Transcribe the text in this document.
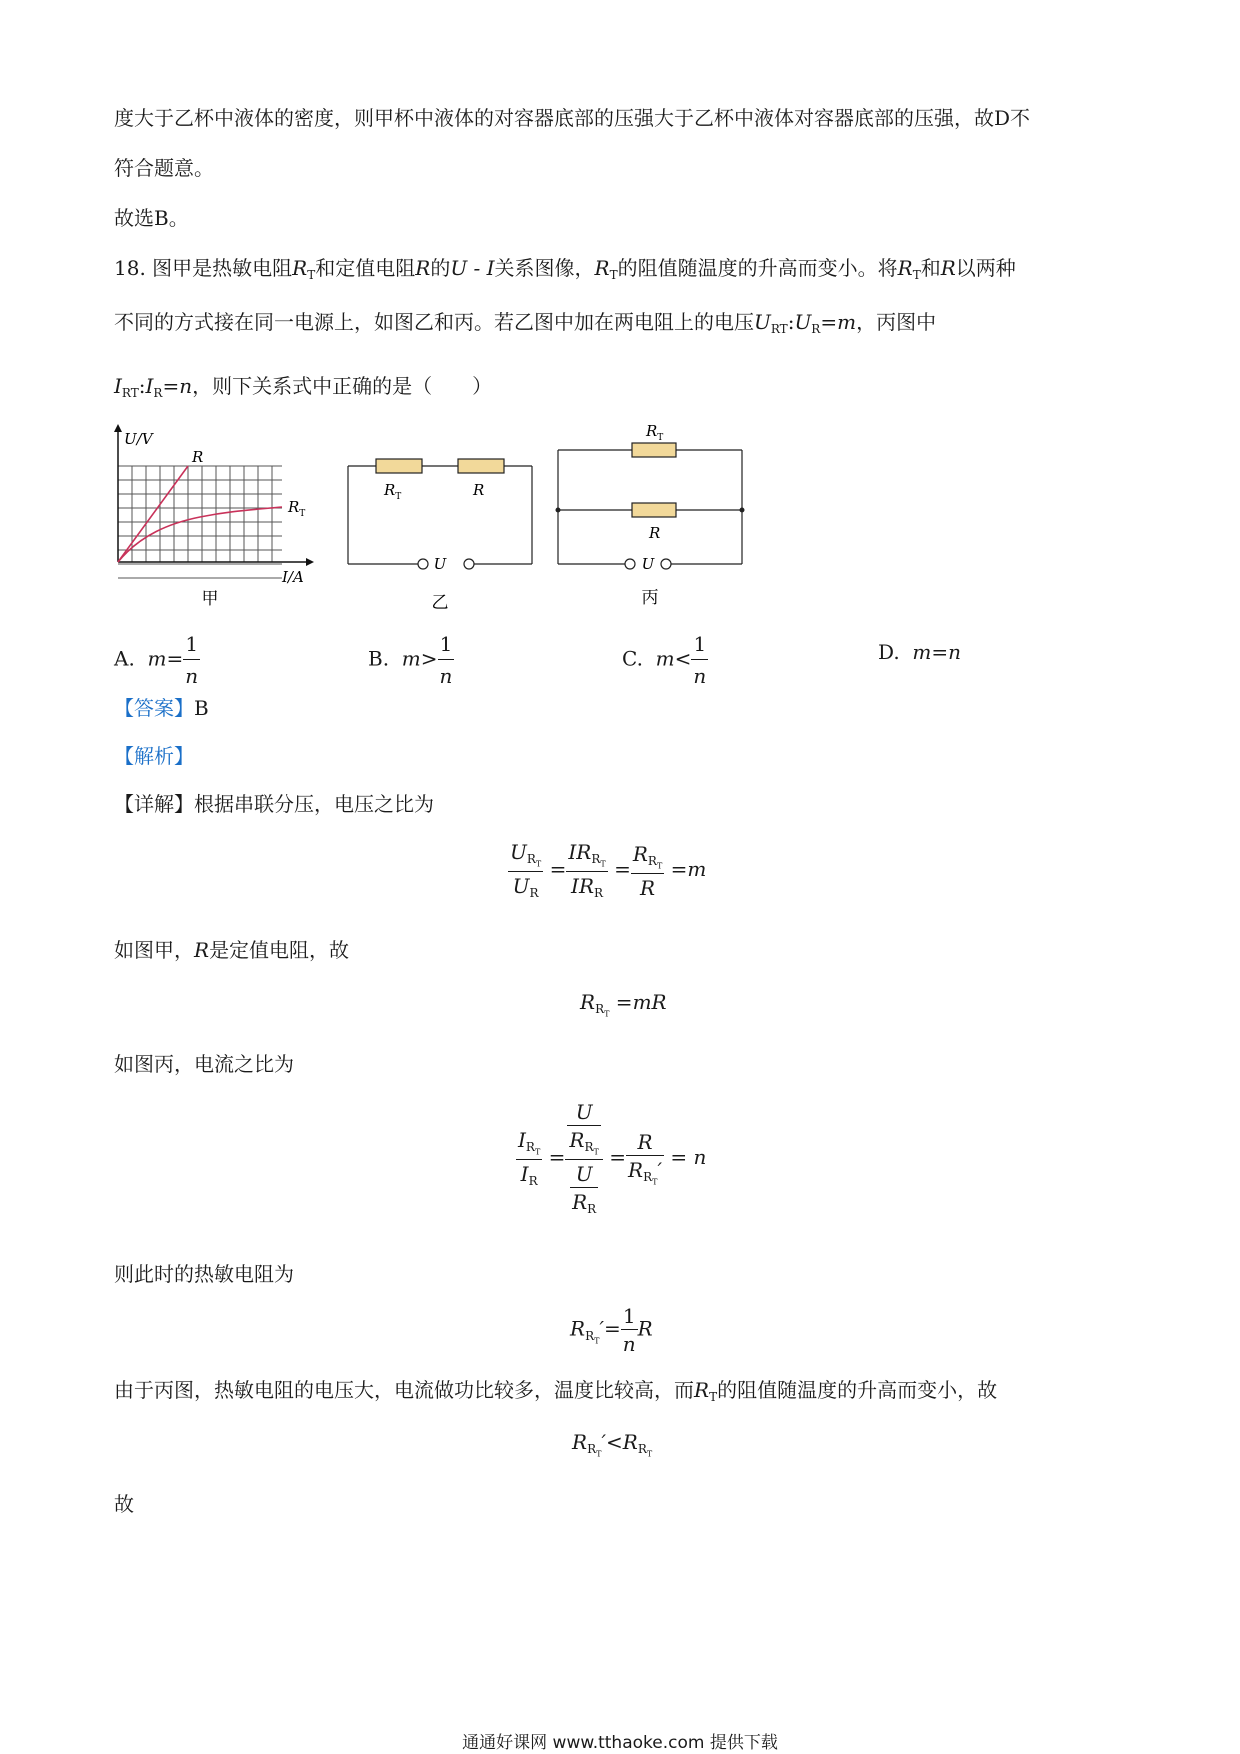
度大于乙杯中液体的密度，则甲杯中液体的对容器底部的压强大于乙杯中液体对容器底部的压强，故D不
符合题意。
故选B。
18. 图甲是热敏电阻$R_T$和定值电阻R的U - I关系图像，$R_T$的阻值随温度的升高而变小。将$R_T$和R以两种
不同的方式接在同一电源上，如图乙和丙。若乙图中加在两电阻上的电压$U_{RT}:U_R=m$，丙图中
$I_{RT}:I_R=n$，则下关系式中正确的是（　　）
U/V
R
$R_T$
I/A
甲
$R_T$	R
U
乙
$R_T$
R
U
丙
A. $m= \frac{1}{n}$	B. $m> \frac{1}{n}$	C. $m< \frac{1}{n}$	D. m=n
【答案】B
【解析】
【详解】根据串联分压，电压之比为
$\frac{U_{R_T}}{U_R} = \frac{IR_{R_T}}{IR_R} = \frac{R_{R_T}}{R} =m$
如图甲，R是定值电阻，故
$R_{R_T} =mR$
如图丙，电流之比为
$\frac{I_{R_T}}{I_R} = \frac{\frac{U}{R_{R_T}}}{\frac{U}{R_R}} = \frac{R}{R_{R_T}'} = n$
则此时的热敏电阻为
$R_{R_T}'= \frac{1}{n}$ R
由于丙图，热敏电阻的电压大，电流做功比较多，温度比较高，而$R_T$的阻值随温度的升高而变小，故
$R_{R_T}'<R_{R_T}$
故
通通好课网 www.tthaoke.com 提供下载
